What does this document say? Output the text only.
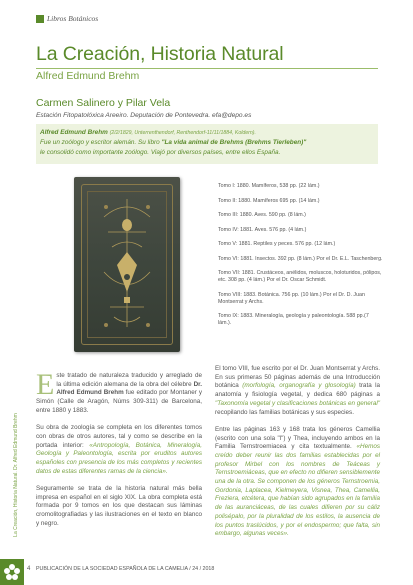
Libros Botánicos
La Creación, Historia Natural
Alfred Edmund Brehm
Carmen Salinero y Pilar Vela
Estación Fitopatolóxica Areeiro. Deputación de Pontevedra. efa@depo.es
Alfred Edmund Brehm (2/2/1829, Unterrenthendorf, Renthendorf-11/11/1884, Koldern).
Fue un zoólogo y escritor alemán. Su libro "La vida animal de Brehms (Brehms Tierleben)"
le consolidó como importante zoólogo. Viajó por diversos países, entre ellos España.
Tomo I: 1880. Mamíferos, 538 pp. (22 lám.)
Tomo II: 1880. Mamíferos 695 pp. (14 lám.)
Tomo III: 1880. Aves. 590 pp. (8 lám.)
Tomo IV: 1881. Aves. 576 pp. (4 lám.)
Tomo V: 1881. Reptiles y peces. 576 pp. (12 lám.)
Tomo VI: 1881. Insectos. 392 pp. (8 lám.) Por el Dr. E.L. Taschenberg.
Tomo VII: 1881. Crustáceos, anélidos, moluscos, holoturidos, pólipos, etc. 308 pp. (4 lám.) Por el Dr. Oscar Schmidt.
Tomo VIII: 1883. Botánica. 756 pp. (10 lám.) Por el Dr. D. Juan Montserrat y Archs.
Tomo IX: 1883. Mineralogía, geología y paleontología. 588 pp.(7 lám.).
La Creación, Historia Natural. Dr. Alfred Edmund Brehm

Este tratado de naturaleza traducido y arreglado de la última edición alemana de la obra del célebre Dr. Alfred Edmund Brehm fue editado por Montaner y Simón (Calle de Aragón, Núms 309-311) de Barcelona, entre 1880 y 1883.

Su obra de zoología se completa en los diferentes tomos con obras de otros autores, tal y como se describe en la portada interior: «Antropología, Botánica, Mineralogía, Geología y Paleontología, escrita por eruditos autores españoles con presencia de los más completos y recientes datos de estas diferentes ramas de la ciencia».

Seguramente se trata de la historia natural más bella impresa en español en el siglo XIX. La obra completa está formada por 9 tomos en los que destacan sus láminas cromolitografiadas y las ilustraciones en el texto en blanco y negro.

El tomo VIII, fue escrito por el Dr. Juan Montserrat y Archs. En sus primeras 50 páginas además de una Introducción botánica (morfología, organografía y glosología) trata la anatomía y fisiología vegetal, y dedica 680 páginas a "Taxonomía vegetal y clasificaciones botánicas en general" recopilando las familias botánicas y sus especies.

Entre las páginas 163 y 168 trata los géneros Camellia (escrito con una sola "l") y Thea, incluyendo ambos en la Familia Ternstroemiacea y cita textualmente. «Hemos creído deber reunir las dos familias establecidas por el profesor Mirbel con los nombres de Teáceas y Ternstroemiáceas, que en efecto no difieren sensiblemente una de la otra. Se componen de los géneros Ternstroemia, Gordonia, Laplacea, Kielmeyera, Visnea, Thea, Camellia, Freziera, etcétera, que habían sido agrupados en la familia de las auranciáceas, de las cuales difieren por su cáliz polisépalo, por la pluralidad de los estilos, la ausencia de los puntos traslúcidos, y por el endospermo; que falta, sin embargo, algunas veces».

4 PUBLICACIÓN DE LA SOCIEDAD ESPAÑOLA DE LA CAMELIA / 24 / 2018
